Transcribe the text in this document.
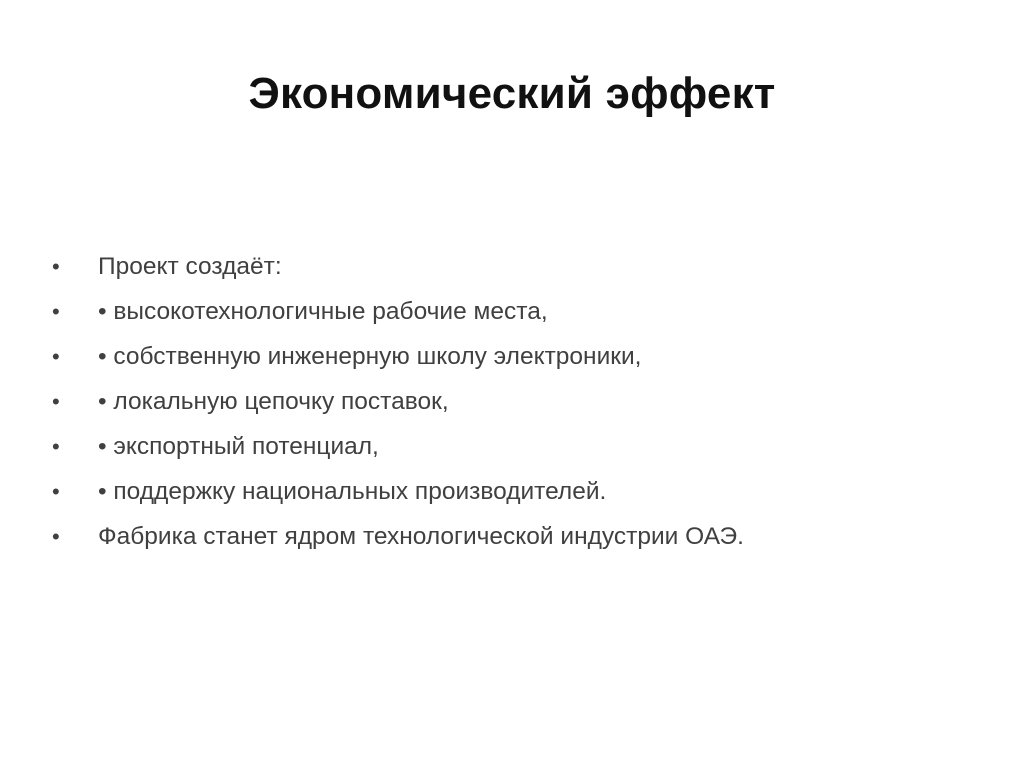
Экономический эффект
•	Проект создаёт:
•	• высокотехнологичные рабочие места,
•	• собственную инженерную школу электроники,
•	• локальную цепочку поставок,
•	• экспортный потенциал,
•	• поддержку национальных производителей.
•	Фабрика станет ядром технологической индустрии ОАЭ.
